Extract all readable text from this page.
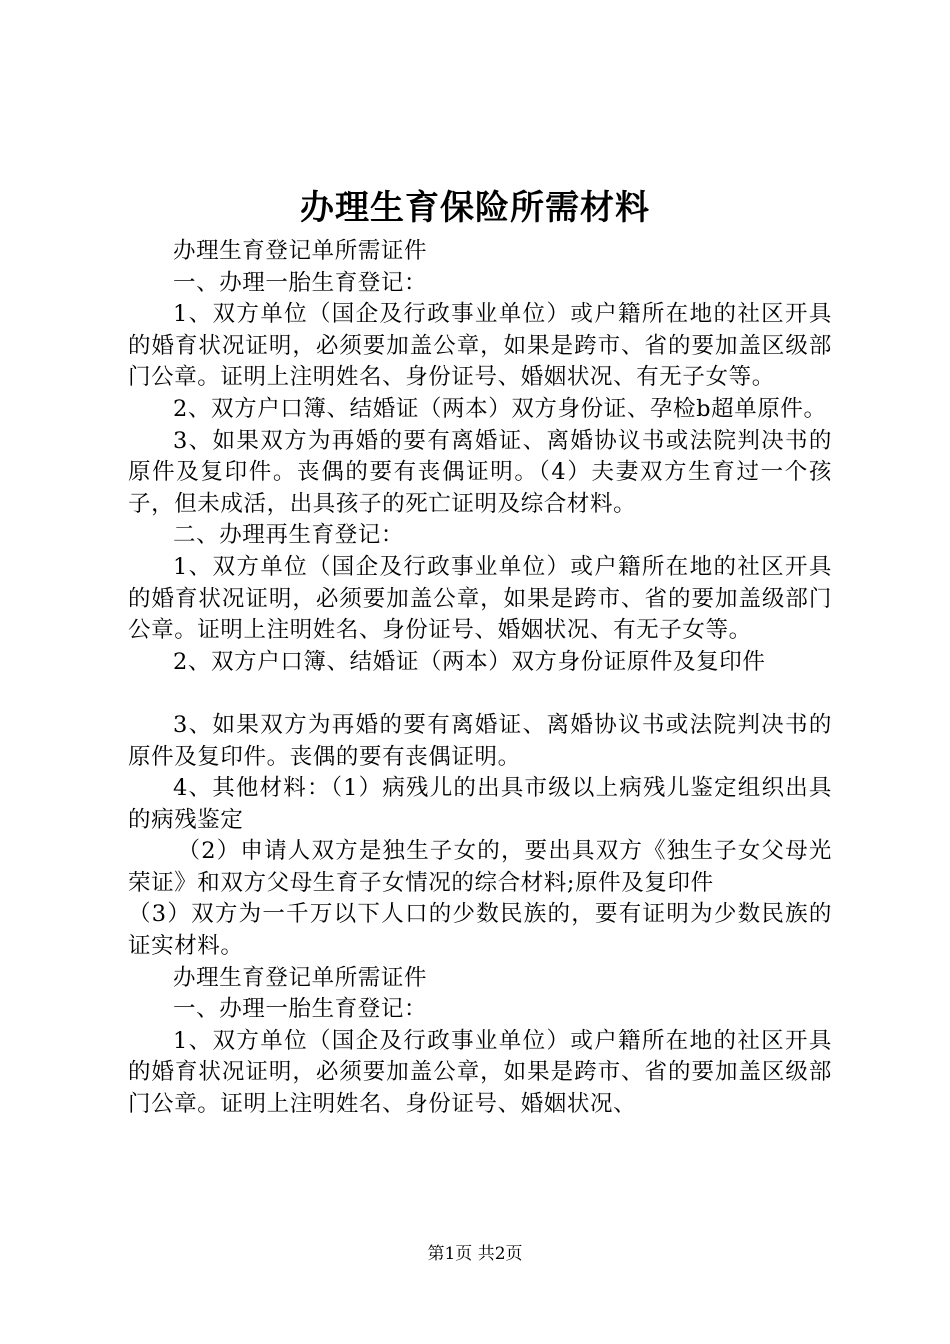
办理生育保险所需材料

办理生育登记单所需证件

一、办理一胎生育登记：

1、双方单位（国企及行政事业单位）或户籍所在地的社区开具的婚育状况证明，必须要加盖公章，如果是跨市、省的要加盖区级部门公章。证明上注明姓名、身份证号、婚姻状况、有无子女等。

2、双方户口簿、结婚证（两本）双方身份证、孕检b超单原件。

3、如果双方为再婚的要有离婚证、离婚协议书或法院判决书的原件及复印件。丧偶的要有丧偶证明。（4）夫妻双方生育过一个孩子，但未成活，出具孩子的死亡证明及综合材料。

二、办理再生育登记：

1、双方单位（国企及行政事业单位）或户籍所在地的社区开具的婚育状况证明，必须要加盖公章，如果是跨市、省的要加盖级部门公章。证明上注明姓名、身份证号、婚姻状况、有无子女等。

2、双方户口簿、结婚证（两本）双方身份证原件及复印件

3、如果双方为再婚的要有离婚证、离婚协议书或法院判决书的原件及复印件。丧偶的要有丧偶证明。

4、其他材料：（1）病残儿的出具市级以上病残儿鉴定组织出具的病残鉴定

（2）申请人双方是独生子女的，要出具双方《独生子女父母光荣证》和双方父母生育子女情况的综合材料;原件及复印件

（3）双方为一千万以下人口的少数民族的，要有证明为少数民族的证实材料。

办理生育登记单所需证件

一、办理一胎生育登记：

1、双方单位（国企及行政事业单位）或户籍所在地的社区开具的婚育状况证明，必须要加盖公章，如果是跨市、省的要加盖区级部门公章。证明上注明姓名、身份证号、婚姻状况、

第1页 共2页
